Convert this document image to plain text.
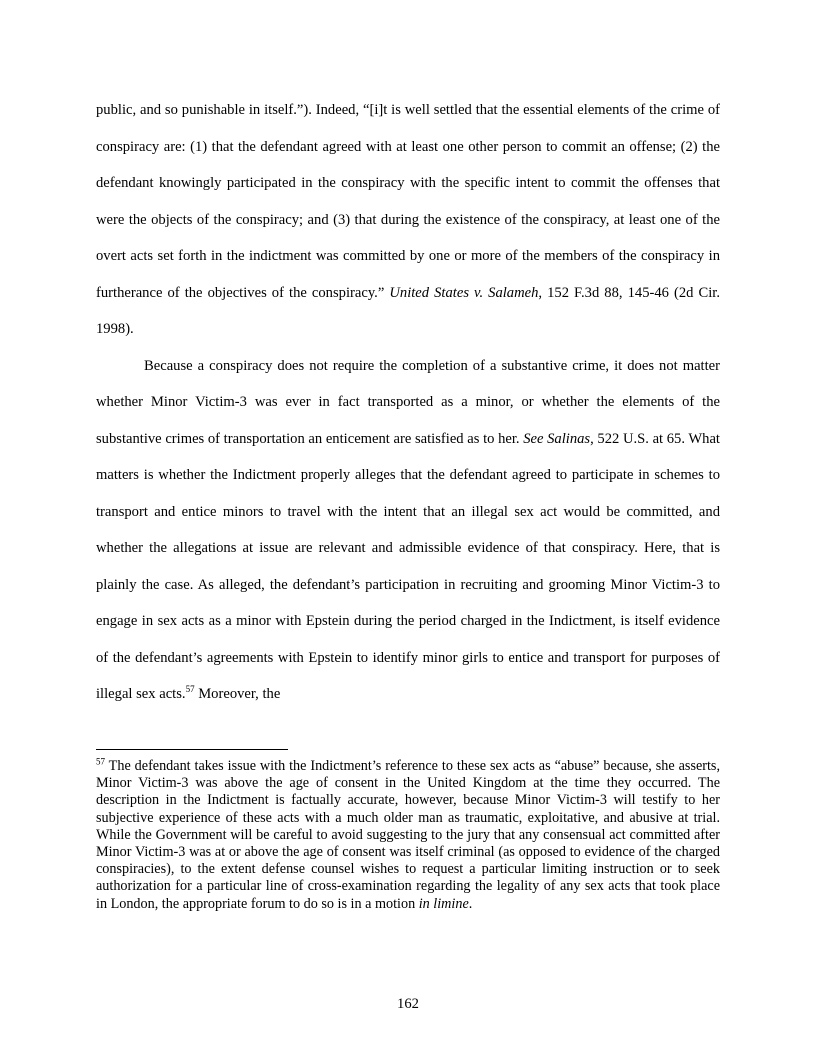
public, and so punishable in itself.”). Indeed, “[i]t is well settled that the essential elements of the crime of conspiracy are: (1) that the defendant agreed with at least one other person to commit an offense; (2) the defendant knowingly participated in the conspiracy with the specific intent to commit the offenses that were the objects of the conspiracy; and (3) that during the existence of the conspiracy, at least one of the overt acts set forth in the indictment was committed by one or more of the members of the conspiracy in furtherance of the objectives of the conspiracy.” United States v. Salameh, 152 F.3d 88, 145-46 (2d Cir. 1998).

Because a conspiracy does not require the completion of a substantive crime, it does not matter whether Minor Victim-3 was ever in fact transported as a minor, or whether the elements of the substantive crimes of transportation an enticement are satisfied as to her. See Salinas, 522 U.S. at 65. What matters is whether the Indictment properly alleges that the defendant agreed to participate in schemes to transport and entice minors to travel with the intent that an illegal sex act would be committed, and whether the allegations at issue are relevant and admissible evidence of that conspiracy. Here, that is plainly the case. As alleged, the defendant’s participation in recruiting and grooming Minor Victim-3 to engage in sex acts as a minor with Epstein during the period charged in the Indictment, is itself evidence of the defendant’s agreements with Epstein to identify minor girls to entice and transport for purposes of illegal sex acts.$^{57}$ Moreover, the

$^{57}$ The defendant takes issue with the Indictment’s reference to these sex acts as “abuse” because, she asserts, Minor Victim-3 was above the age of consent in the United Kingdom at the time they occurred. The description in the Indictment is factually accurate, however, because Minor Victim-3 will testify to her subjective experience of these acts with a much older man as traumatic, exploitative, and abusive at trial. While the Government will be careful to avoid suggesting to the jury that any consensual act committed after Minor Victim-3 was at or above the age of consent was itself criminal (as opposed to evidence of the charged conspiracies), to the extent defense counsel wishes to request a particular limiting instruction or to seek authorization for a particular line of cross-examination regarding the legality of any sex acts that took place in London, the appropriate forum to do so is in a motion in limine.

162
